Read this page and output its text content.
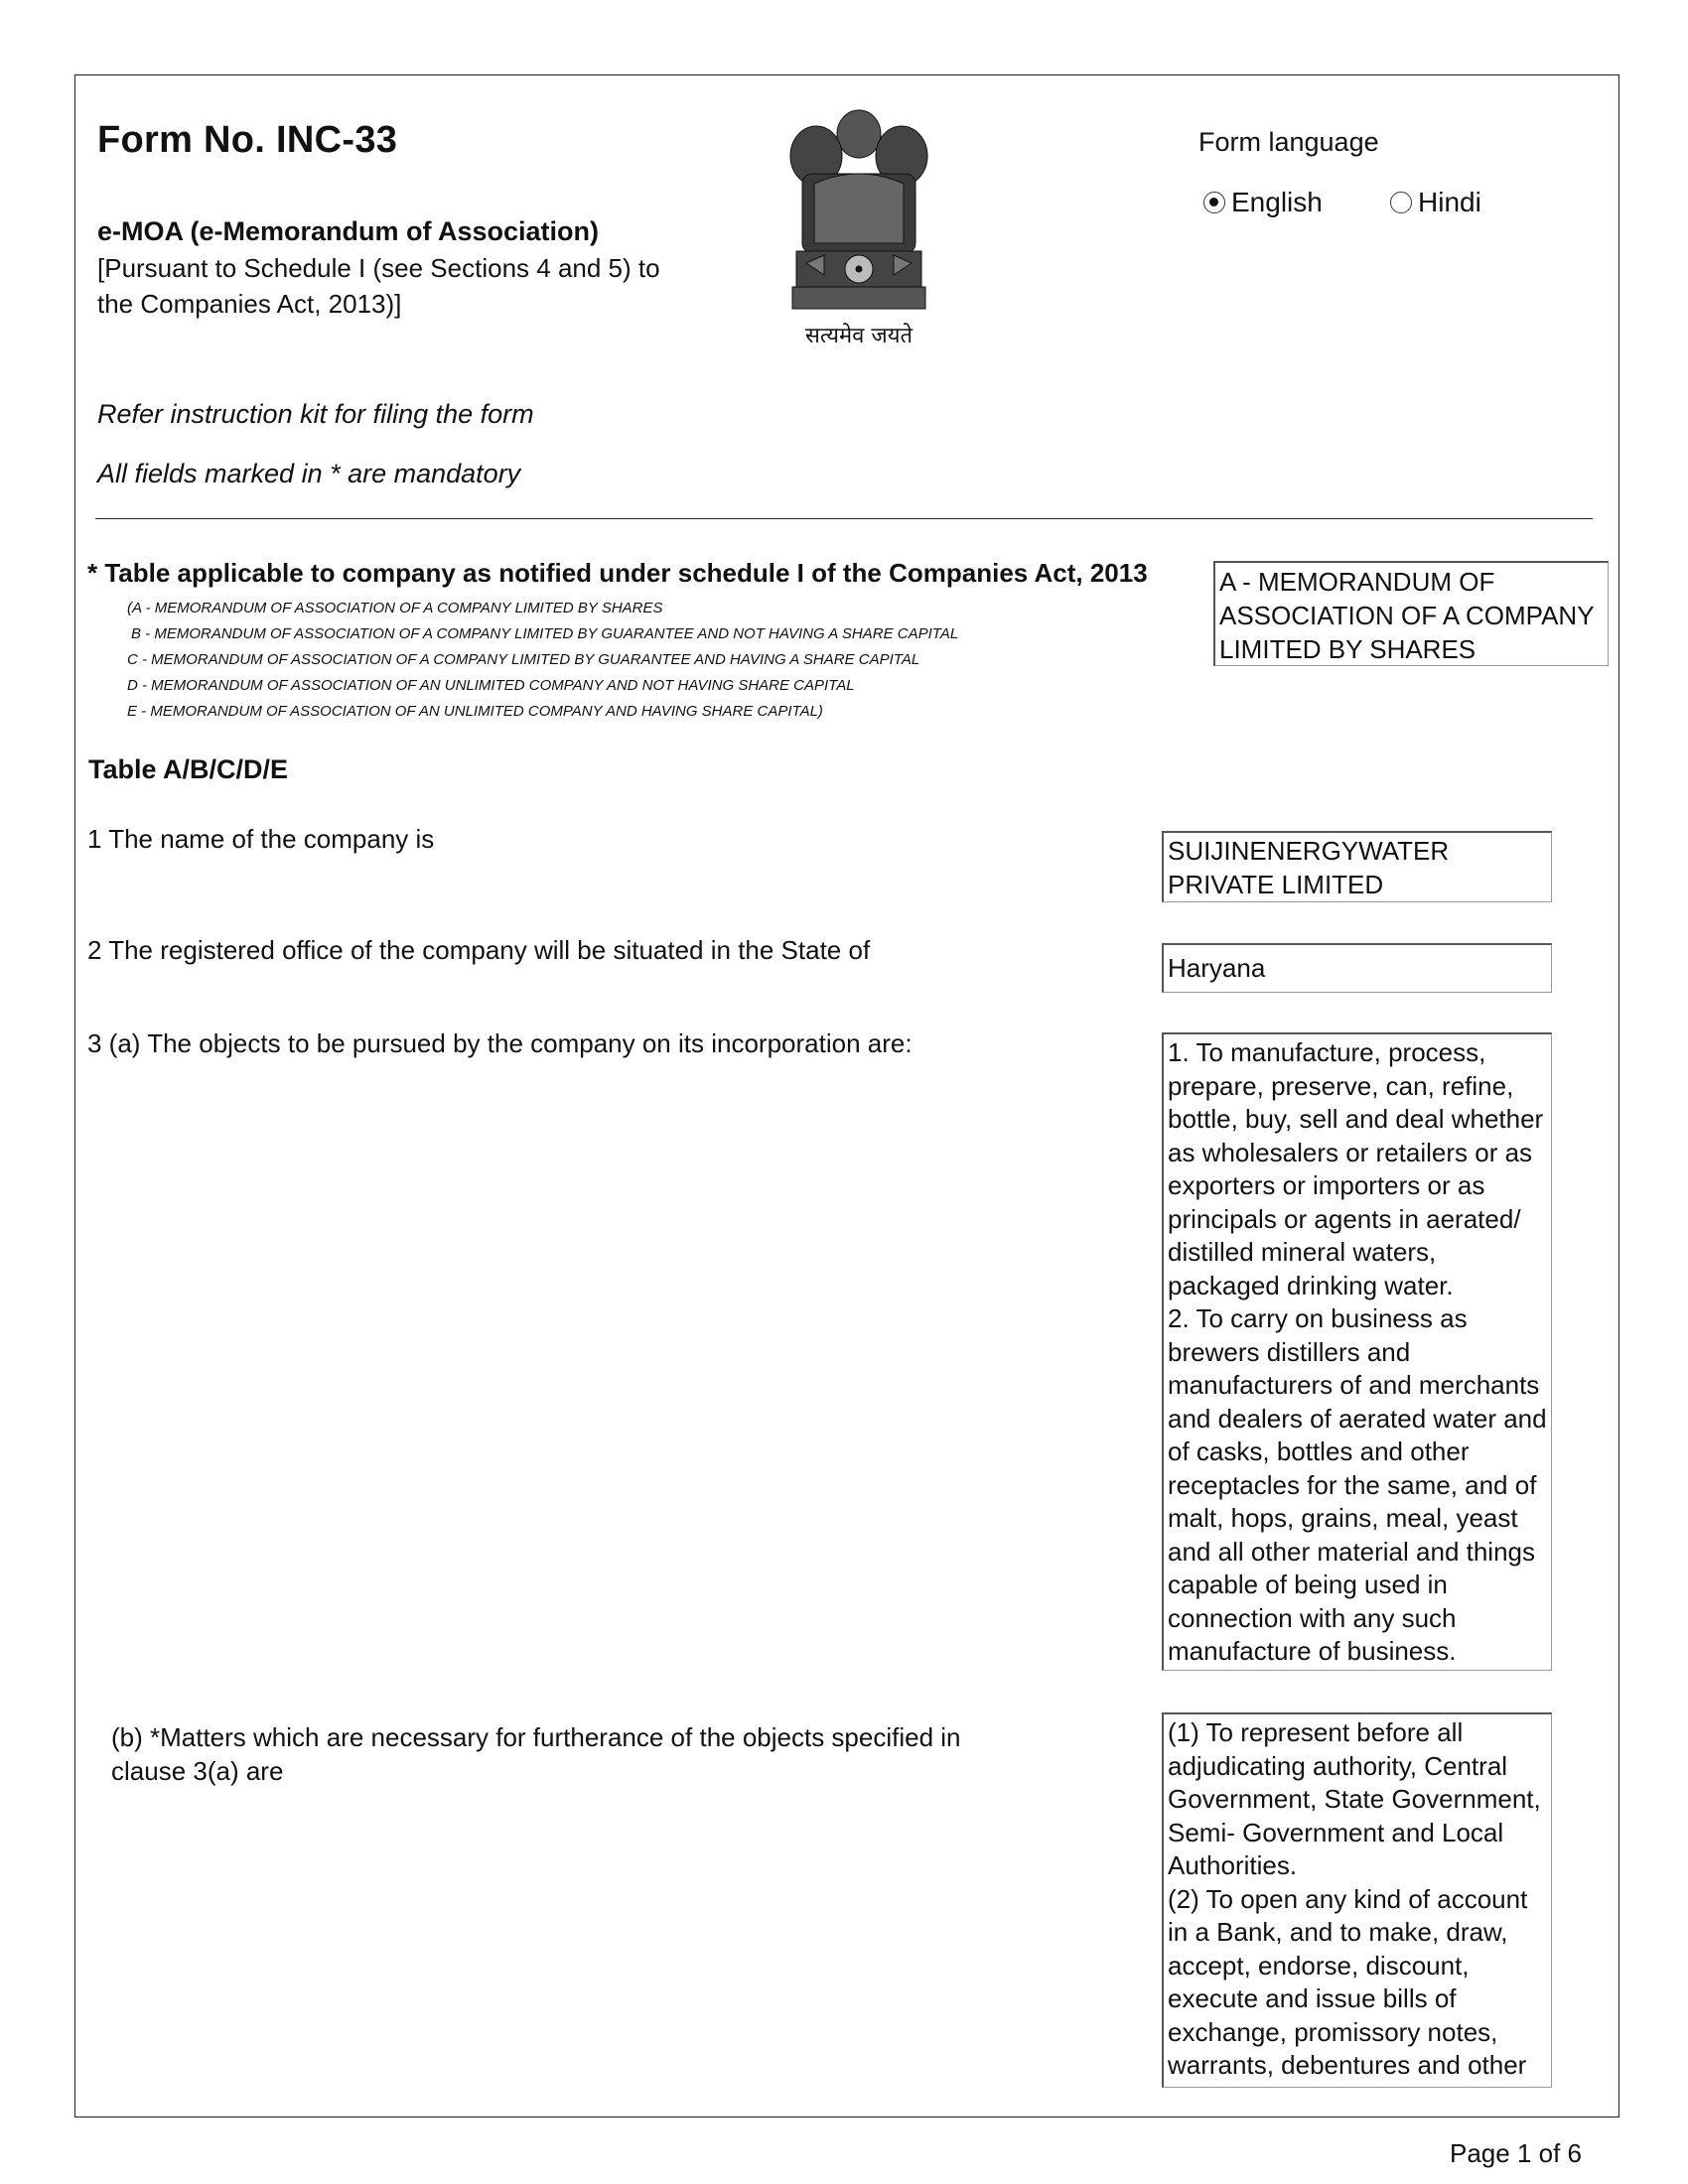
Form No. INC-33
e-MOA (e-Memorandum of Association)
[Pursuant to Schedule I (see Sections 4 and 5) to
the Companies Act, 2013)]
सत्यमेव जयते
Form language
English	Hindi
Refer instruction kit for filing the form
All fields marked in * are mandatory
* Table applicable to company as notified under schedule I of the Companies Act, 2013
(A - MEMORANDUM OF ASSOCIATION OF A COMPANY LIMITED BY SHARES
B - MEMORANDUM OF ASSOCIATION OF A COMPANY LIMITED BY GUARANTEE AND NOT HAVING A SHARE CAPITAL
C - MEMORANDUM OF ASSOCIATION OF A COMPANY LIMITED BY GUARANTEE AND HAVING A SHARE CAPITAL
D - MEMORANDUM OF ASSOCIATION OF AN UNLIMITED COMPANY AND NOT HAVING SHARE CAPITAL
E - MEMORANDUM OF ASSOCIATION OF AN UNLIMITED COMPANY AND HAVING SHARE CAPITAL)
A - MEMORANDUM OF ASSOCIATION OF A COMPANY LIMITED BY SHARES
Table A/B/C/D/E
1 The name of the company is	SUIJINENERGYWATER PRIVATE LIMITED
2 The registered office of the company will be situated in the State of
Haryana
3 (a) The objects to be pursued by the company on its incorporation are:	1. To manufacture, process, prepare, preserve, can, refine, bottle, buy, sell and deal whether as wholesalers or retailers or as exporters or importers or as principals or agents in aerated/ distilled mineral waters, packaged drinking water.
2. To carry on business as brewers distillers and manufacturers of and merchants and dealers of aerated water and of casks, bottles and other receptacles for the same, and of malt, hops, grains, meal, yeast and all other material and things capable of being used in connection with any such manufacture of business.
(b) *Matters which are necessary for furtherance of the objects specified in clause 3(a) are
(1) To represent before all adjudicating authority, Central Government, State Government, Semi- Government and Local Authorities.
(2) To open any kind of account in a Bank, and to make, draw, accept, endorse, discount, execute and issue bills of exchange, promissory notes, warrants, debentures and other
Page 1 of 6
